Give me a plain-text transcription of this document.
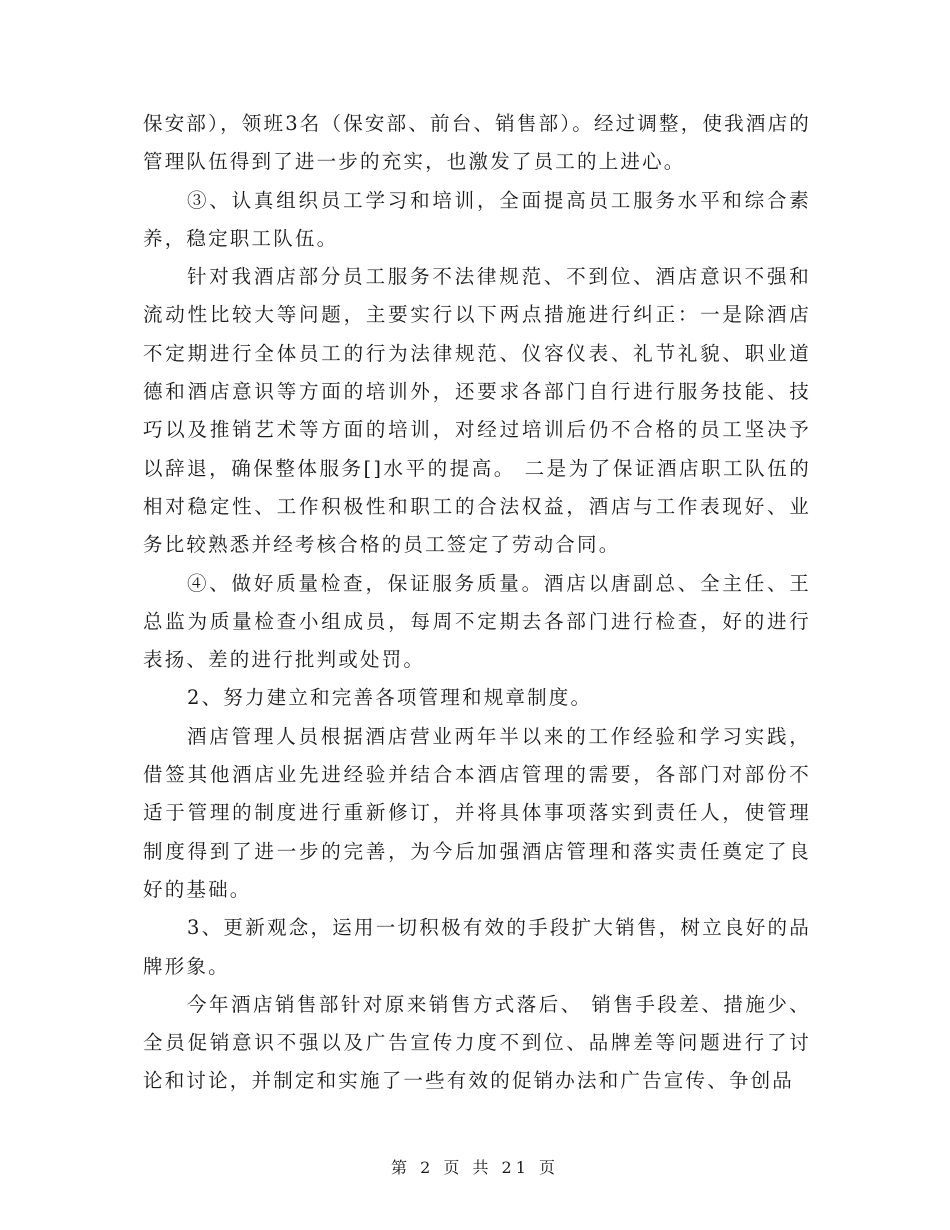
保安部），领班3名（保安部、前台、销售部）。经过调整，使我酒店的管理队伍得到了进一步的充实，也激发了员工的上进心。

③、认真组织员工学习和培训，全面提高员工服务水平和综合素养，稳定职工队伍。

针对我酒店部分员工服务不法律规范、不到位、酒店意识不强和流动性比较大等问题，主要实行以下两点措施进行纠正：一是除酒店不定期进行全体员工的行为法律规范、仪容仪表、礼节礼貌、职业道德和酒店意识等方面的培训外，还要求各部门自行进行服务技能、技巧以及推销艺术等方面的培训，对经过培训后仍不合格的员工坚决予以辞退，确保整体服务[]水平的提高。 二是为了保证酒店职工队伍的相对稳定性、工作积极性和职工的合法权益，酒店与工作表现好、业务比较熟悉并经考核合格的员工签定了劳动合同。

④、做好质量检查，保证服务质量。酒店以唐副总、全主任、王总监为质量检查小组成员，每周不定期去各部门进行检查，好的进行表扬、差的进行批判或处罚。

2、努力建立和完善各项管理和规章制度。

酒店管理人员根据酒店营业两年半以来的工作经验和学习实践，借签其他酒店业先进经验并结合本酒店管理的需要，各部门对部份不适于管理的制度进行重新修订，并将具体事项落实到责任人，使管理制度得到了进一步的完善，为今后加强酒店管理和落实责任奠定了良好的基础。

3、更新观念，运用一切积极有效的手段扩大销售，树立良好的品牌形象。

今年酒店销售部针对原来销售方式落后、 销售手段差、措施少、全员促销意识不强以及广告宣传力度不到位、品牌差等问题进行了讨论和讨论，并制定和实施了一些有效的促销办法和广告宣传、争创品

第 2 页 共 21 页
